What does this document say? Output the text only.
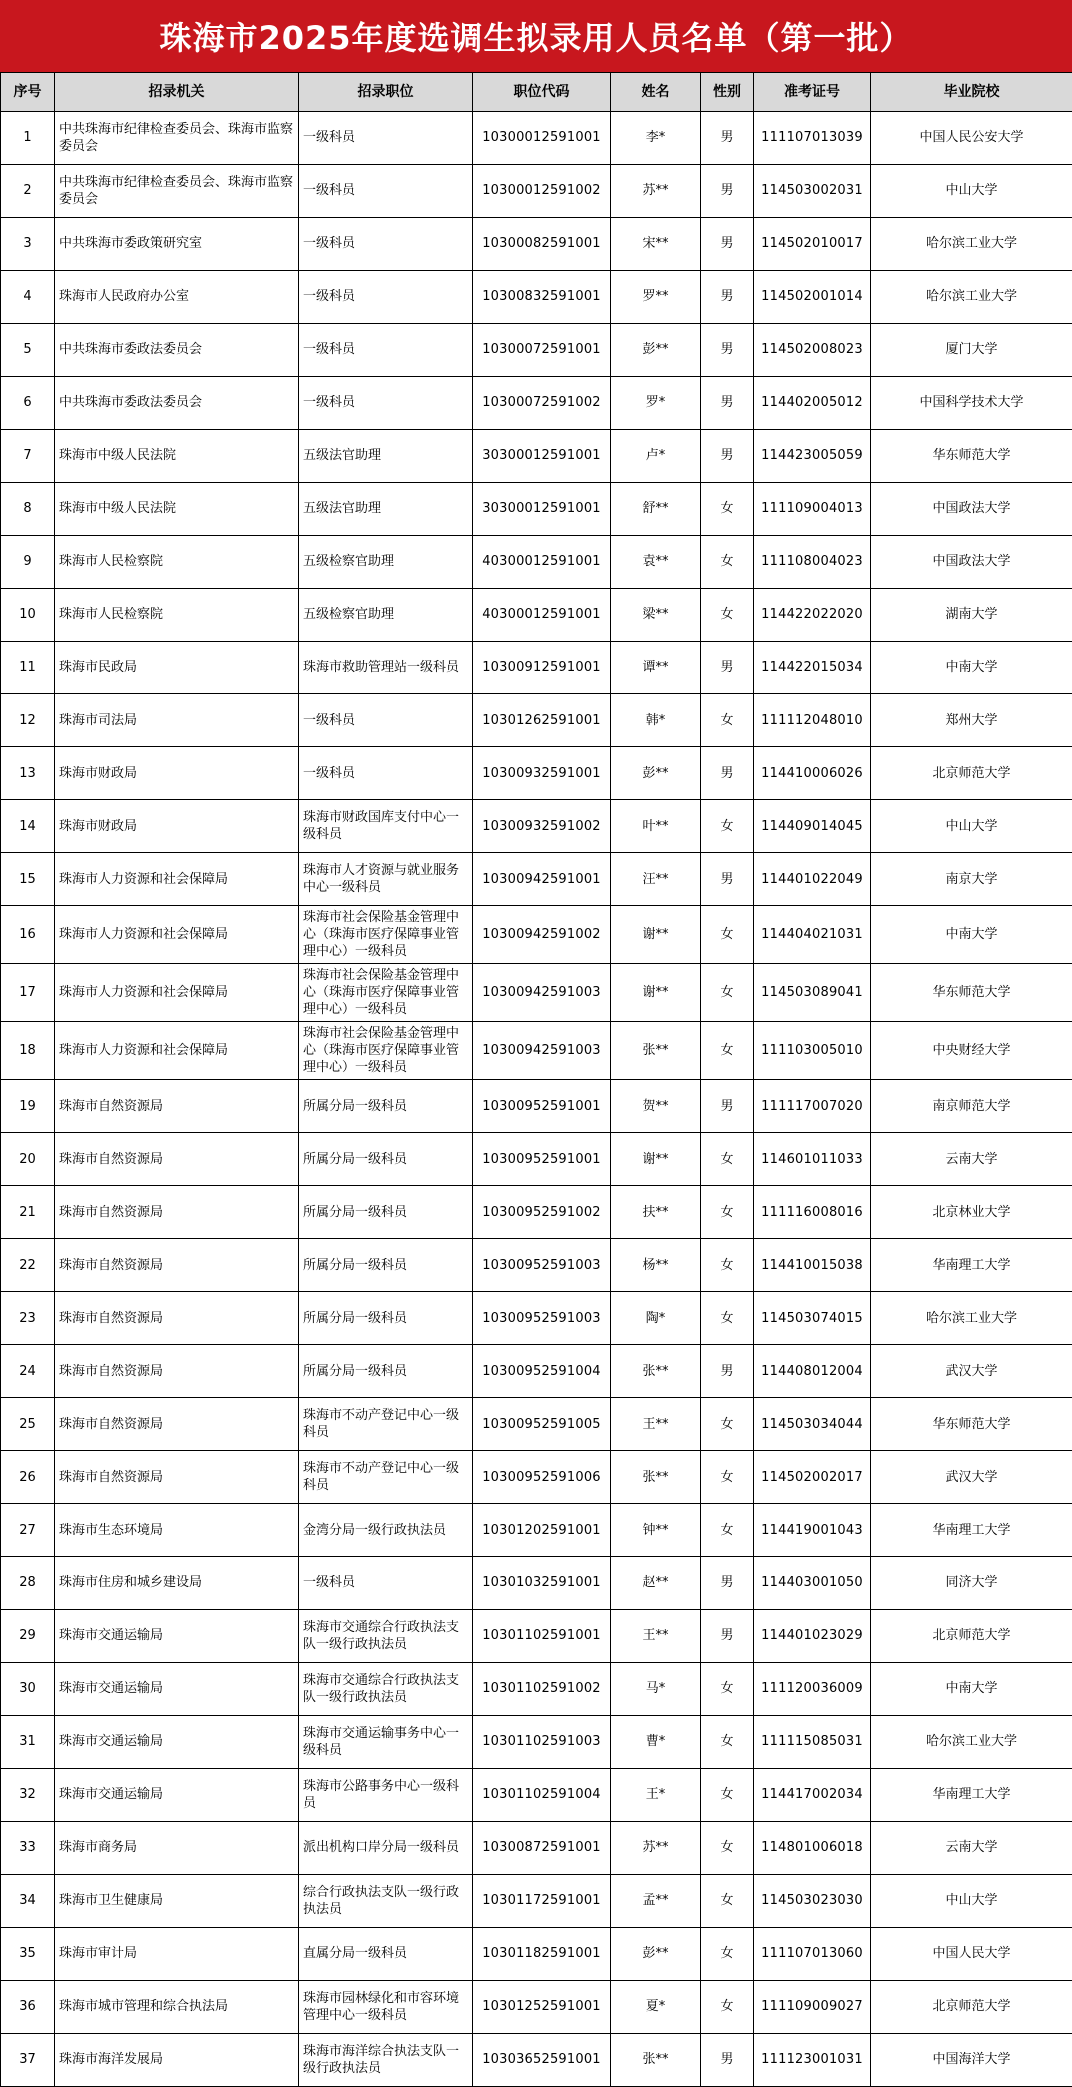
珠海市2025年度选调生拟录用人员名单（第一批）
序号	招录机关	招录职位	职位代码	姓名	性别	准考证号	毕业院校
1	中共珠海市纪律检查委员会、珠海市监察委员会	一级科员	10300012591001	李*	男	111107013039	中国人民公安大学
2	中共珠海市纪律检查委员会、珠海市监察委员会	一级科员	10300012591002	苏**	男	114503002031	中山大学
3	中共珠海市委政策研究室	一级科员	10300082591001	宋**	男	114502010017	哈尔滨工业大学
4	珠海市人民政府办公室	一级科员	10300832591001	罗**	男	114502001014	哈尔滨工业大学
5	中共珠海市委政法委员会	一级科员	10300072591001	彭**	男	114502008023	厦门大学
6	中共珠海市委政法委员会	一级科员	10300072591002	罗*	男	114402005012	中国科学技术大学
7	珠海市中级人民法院	五级法官助理	30300012591001	卢*	男	114423005059	华东师范大学
8	珠海市中级人民法院	五级法官助理	30300012591001	舒**	女	111109004013	中国政法大学
9	珠海市人民检察院	五级检察官助理	40300012591001	袁**	女	111108004023	中国政法大学
10	珠海市人民检察院	五级检察官助理	40300012591001	梁**	女	114422022020	湖南大学
11	珠海市民政局	珠海市救助管理站一级科员	10300912591001	谭**	男	114422015034	中南大学
12	珠海市司法局	一级科员	10301262591001	韩*	女	111112048010	郑州大学
13	珠海市财政局	一级科员	10300932591001	彭**	男	114410006026	北京师范大学
14	珠海市财政局	珠海市财政国库支付中心一级科员	10300932591002	叶**	女	114409014045	中山大学
15	珠海市人力资源和社会保障局	珠海市人才资源与就业服务中心一级科员	10300942591001	汪**	男	114401022049	南京大学
16	珠海市人力资源和社会保障局	珠海市社会保险基金管理中心（珠海市医疗保障事业管理中心）一级科员	10300942591002	谢**	女	114404021031	中南大学
17	珠海市人力资源和社会保障局	珠海市社会保险基金管理中心（珠海市医疗保障事业管理中心）一级科员	10300942591003	谢**	女	114503089041	华东师范大学
18	珠海市人力资源和社会保障局	珠海市社会保险基金管理中心（珠海市医疗保障事业管理中心）一级科员	10300942591003	张**	女	111103005010	中央财经大学
19	珠海市自然资源局	所属分局一级科员	10300952591001	贺**	男	111117007020	南京师范大学
20	珠海市自然资源局	所属分局一级科员	10300952591001	谢**	女	114601011033	云南大学
21	珠海市自然资源局	所属分局一级科员	10300952591002	扶**	女	111116008016	北京林业大学
22	珠海市自然资源局	所属分局一级科员	10300952591003	杨**	女	114410015038	华南理工大学
23	珠海市自然资源局	所属分局一级科员	10300952591003	陶*	女	114503074015	哈尔滨工业大学
24	珠海市自然资源局	所属分局一级科员	10300952591004	张**	男	114408012004	武汉大学
25	珠海市自然资源局	珠海市不动产登记中心一级科员	10300952591005	王**	女	114503034044	华东师范大学
26	珠海市自然资源局	珠海市不动产登记中心一级科员	10300952591006	张**	女	114502002017	武汉大学
27	珠海市生态环境局	金湾分局一级行政执法员	10301202591001	钟**	女	114419001043	华南理工大学
28	珠海市住房和城乡建设局	一级科员	10301032591001	赵**	男	114403001050	同济大学
29	珠海市交通运输局	珠海市交通综合行政执法支队一级行政执法员	10301102591001	王**	男	114401023029	北京师范大学
30	珠海市交通运输局	珠海市交通综合行政执法支队一级行政执法员	10301102591002	马*	女	111120036009	中南大学
31	珠海市交通运输局	珠海市交通运输事务中心一级科员	10301102591003	曹*	女	111115085031	哈尔滨工业大学
32	珠海市交通运输局	珠海市公路事务中心一级科员	10301102591004	王*	女	114417002034	华南理工大学
33	珠海市商务局	派出机构口岸分局一级科员	10300872591001	苏**	女	114801006018	云南大学
34	珠海市卫生健康局	综合行政执法支队一级行政执法员	10301172591001	孟**	女	114503023030	中山大学
35	珠海市审计局	直属分局一级科员	10301182591001	彭**	女	111107013060	中国人民大学
36	珠海市城市管理和综合执法局	珠海市园林绿化和市容环境管理中心一级科员	10301252591001	夏*	女	111109009027	北京师范大学
37	珠海市海洋发展局	珠海市海洋综合执法支队一级行政执法员	10303652591001	张**	男	111123001031	中国海洋大学
